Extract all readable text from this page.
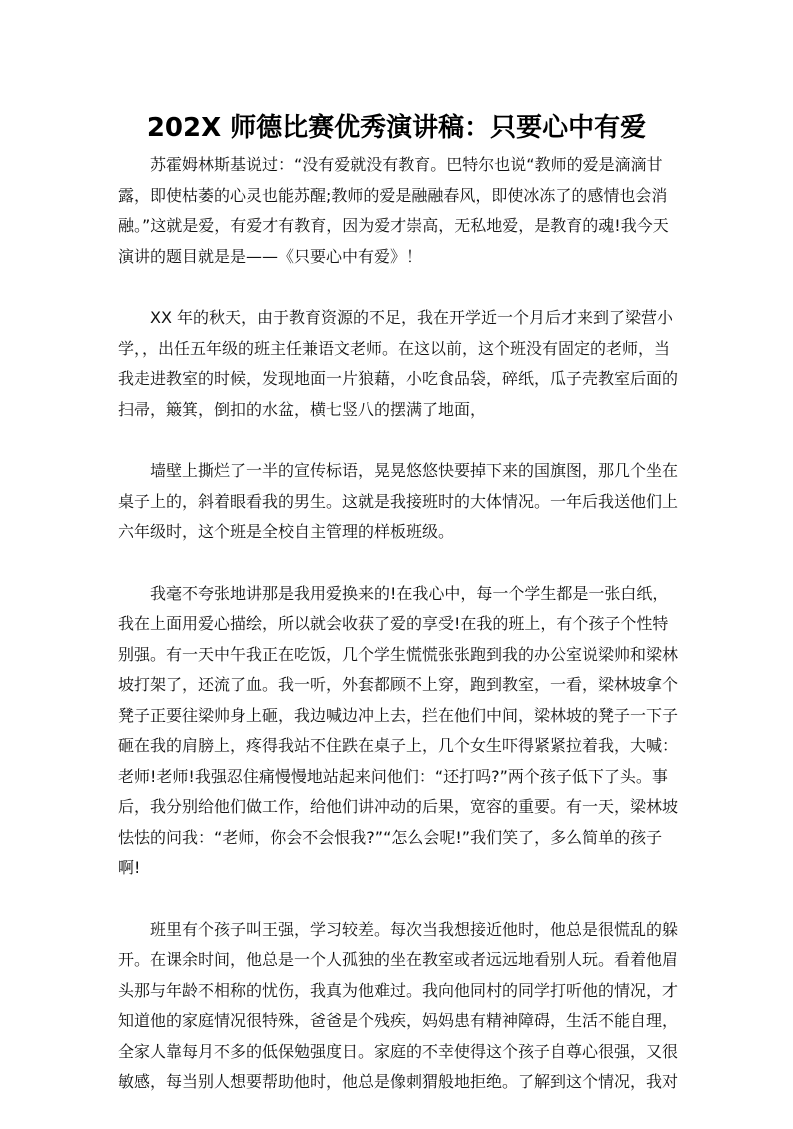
202X 师德比赛优秀演讲稿：只要心中有爱
　　苏霍姆林斯基说过：“没有爱就没有教育。巴特尔也说“教师的爱是滴滴甘
露，即使枯萎的心灵也能苏醒;教师的爱是融融春风，即使冰冻了的感情也会消
融。”这就是爱，有爱才有教育，因为爱才崇高，无私地爱，是教育的魂!我今天
演讲的题目就是是——《只要心中有爱》！
　　XX 年的秋天，由于教育资源的不足，我在开学近一个月后才来到了梁营小
学，，出任五年级的班主任兼语文老师。在这以前，这个班没有固定的老师，当
我走进教室的时候，发现地面一片狼藉，小吃食品袋，碎纸，瓜子壳教室后面的
扫帚，簸箕，倒扣的水盆，横七竖八的摆满了地面，
　　墙壁上撕烂了一半的宣传标语，晃晃悠悠快要掉下来的国旗图，那几个坐在
桌子上的，斜着眼看我的男生。这就是我接班时的大体情况。一年后我送他们上
六年级时，这个班是全校自主管理的样板班级。
　　我毫不夸张地讲那是我用爱换来的!在我心中，每一个学生都是一张白纸，
我在上面用爱心描绘，所以就会收获了爱的享受!在我的班上，有个孩子个性特
别强。有一天中午我正在吃饭，几个学生慌慌张张跑到我的办公室说梁帅和梁林
坡打架了，还流了血。我一听，外套都顾不上穿，跑到教室，一看，梁林坡拿个
凳子正要往梁帅身上砸，我边喊边冲上去，拦在他们中间，梁林坡的凳子一下子
砸在我的肩膀上，疼得我站不住跌在桌子上，几个女生吓得紧紧拉着我，大喊：
老师!老师!我强忍住痛慢慢地站起来问他们：“还打吗?”两个孩子低下了头。事
后，我分别给他们做工作，给他们讲冲动的后果，宽容的重要。有一天，梁林坡
怯怯的问我：“老师，你会不会恨我?”“怎么会呢!”我们笑了，多么简单的孩子
啊!
　　班里有个孩子叫王强，学习较差。每次当我想接近他时，他总是很慌乱的躲
开。在课余时间，他总是一个人孤独的坐在教室或者远远地看别人玩。看着他眉
头那与年龄不相称的忧伤，我真为他难过。我向他同村的同学打听他的情况，才
知道他的家庭情况很特殊，爸爸是个残疾，妈妈患有精神障碍，生活不能自理，
全家人靠每月不多的低保勉强度日。家庭的不幸使得这个孩子自尊心很强，又很
敏感，每当别人想要帮助他时，他总是像刺猬般地拒绝。了解到这个情况，我对
